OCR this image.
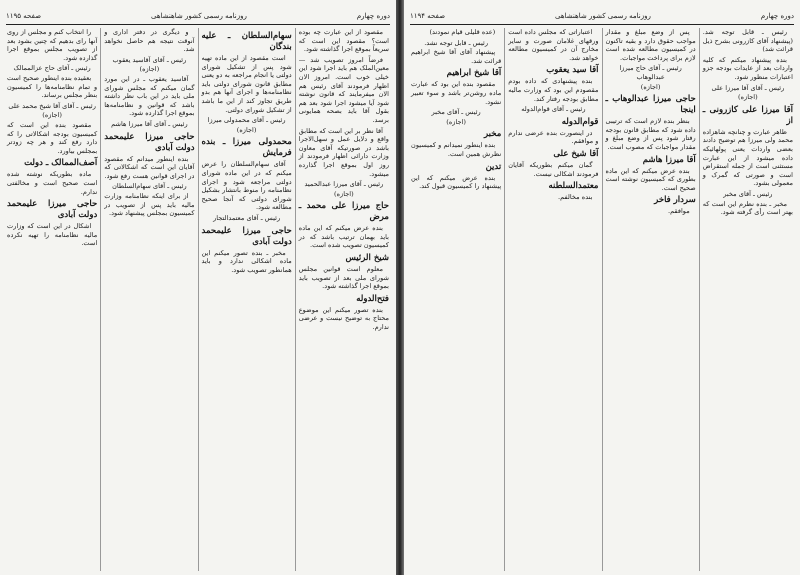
دوره چهارم
روزنامه رسمی کشور شاهنشاهی
صفحه ۱۱۹۵

مقصود از این عبارت چه بوده است؟ مقصود این است که سریعاً بموقع اجرا گذاشته شود.

فرضاً امروز تصویب شد — معین‌الملک هم باید اجرا شود این خیلی خوب است. امروز الان اظهار فرمودند آقای رئیس هم الان میفرمایند که قانون نوشته شود آیا میشود اجرا شود بعد هم بقول آقا باید بصحه همایونی برسد.

آقا نظر بر این است که مطابق واقع و دلایل عمل و سهل‌الاجرا باشد در صورتیکه آقای معاون وزارت دارائی اظهار فرمودند از روز اول بموقع اجرا گذارده میشود.

رئیس ـ آقای میرزا عبدالحمید
(اجازه)
حاج میرزا علی محمد ـ مرض

بنده عرض میکنم که این ماده باید بهمان ترتیب باشد که در کمیسیون تصویب شده است.

شیخ الرئیس

معلوم است قوانین مجلس شورای ملی بعد از تصویب باید بموقع اجرا گذاشته شود.

فتح‌الدوله

بنده تصور میکنم این موضوع محتاج به توضیح نیست و عرضی ندارم.

سهام‌السلطان ـ علیه بندگان

است مقصود از این ماده تهیه شود پس از تشکیل شورای دولتی یا انجام مراجعه به دو یعنی مطابق قانون شورای دولتی باید نظامنامه‌ها و اجرای آنها هم بدو طریق تجاوز کند از این ما باشد از تشکیل شورای دولتی.

رئیس ـ آقای محمدولی میرزا
(اجازه)
محمدولی میرزا ـ بنده فرمایش

آقای سهام‌السلطان را عرض میکنم که در این ماده شورای دولتی مراجعه شود و اجرای نظامنامه را منوط بانتشار بشکیل شورای دولتی که آنجا صحیح مطالعه شود.

رئیس ـ آقای معتمدالتجار
حاجی میرزا علیمحمد دولت آبادی

مخبر ـ بنده تصور میکنم این ماده اشکالی ندارد و باید همانطور تصویب شود.

و دیگری در دفتر اداری و آنوقت نتیجه هم حاصل نخواهد شد.

رئیس ـ آقای آقاسید یعقوب
(اجازه)

آقاسید یعقوب ـ در این مورد گمان میکنم که مجلس شورای ملی باید در این باب نظر داشته باشد که قوانین و نظامنامه‌ها بموقع اجرا گذارده شود.

رئیس ـ آقای آقا میرزا هاشم
حاجی میرزا علیمحمد دولت آبادی

بنده اینطور میدانم که مقصود آقایان این است که اشکالاتی که در اجرای قوانین هست رفع شود.

رئیس ـ آقای سهام‌السلطان

از برای اینکه نظامنامه وزارت مالیه باید پس از تصویب در کمیسیون بمجلس پیشنهاد شود.

را انتخاب کنم و مجلس از روی آنها رای بدهیم که چنین بشود بعد از تصویب مجلس بموقع اجرا گذارده شود.

رئیس ـ آقای حاج عزالممالک

بعقیده بنده اینطور صحیح است و تمام نظامنامه‌ها را کمیسیون بنظر مجلس برساند.

رئیس ـ آقای آقا شیخ محمد علی
(اجازه)

مقصود بنده این است که کمیسیون بودجه اشکالاتی را که دارد رفع کند و هر چه زودتر بمجلس بیاورد.

آصف‌الممالک ـ دولت

ماده بطوریکه نوشته شده است صحیح است و مخالفتی ندارم.

حاجی میرزا علیمحمد دولت آبادی

اشکال در این است که وزارت مالیه نظامنامه را تهیه نکرده است.

دوره چهارم
روزنامه رسمی کشور شاهنشاهی
صفحه ۱۱۹۴

رئیس ـ قابل توجه شد. (پیشنهاد آقای کازرونی بشرح ذیل قرائت شد)

بنده پیشنهاد میکنم که کلیه واردات بعد از عایدات بودجه جزو اعتبارات منظور شود.

رئیس ـ آقای آقا میرزا علی
(اجازه)
آقا میرزا علی کازرونی ـ از

ظاهر عبارت و چنانچه شاهزاده محمد ولی میرزا هم توضیح دادند بعضی واردات یعنی پولهائیکه داده میشود از این عبارت مستثنی است از جمله استقراض است و صورتی که گمرک و معمولی بشود.

رئیس ـ آقای مخبر

مخبر ـ بنده نظرم این است که بهتر است رأی گرفته شود.

پس از وضع مبلغ و مقدار مواجب حقوق دارد و بقیه تاکنون در کمیسیون مطالعه شده است لازم برای پرداخت مواجبات.

رئیس ـ آقای حاج میرزا عبدالوهاب
(اجازه)
حاجی میرزا عبدالوهاب ـ اینجا

بنظر بنده لازم است که ترتیبی داده شود که مطابق قانون بودجه رفتار شود پس از وضع مبلغ و مقدار مواجبات که مصوب است.

آقا میرزا هاشم

بنده عرض میکنم که این ماده بطوری که کمیسیون نوشته است صحیح است.

سردار فاخر

موافقم.

اعتباراتی که مجلس داده است ورقهای غلامان صورت و سایر مخارج آن در کمیسیون مطالعه خواهد شد.

آقا سید یعقوب

بنده پیشنهادی که داده بودم مقصودم این بود که وزارت مالیه مطابق بودجه رفتار کند.

رئیس ـ آقای قوام‌الدوله
قوام‌الدوله

در اینصورت بنده عرضی ندارم و موافقم.

آقا شیخ علی

گمان میکنم بطوریکه آقایان فرمودند اشکالی نیست.

معتمدالسلطنه

بنده مخالفم.

(عده قلیلی قیام نمودند)

رئیس ـ قابل توجه نشد.

پیشنهاد آقای آقا شیخ ابراهیم قرائت شد.

آقا شیخ ابراهیم

مقصود بنده این بود که عبارت ماده روشن‌تر باشد و سوء تعبیر نشود.

رئیس ـ آقای مخبر
(اجازه)
مخبر

بنده اینطور نمیدانم و کمیسیون نظرش همین است.

تدین

بنده عرض میکنم که این پیشنهاد را کمیسیون قبول کند.
